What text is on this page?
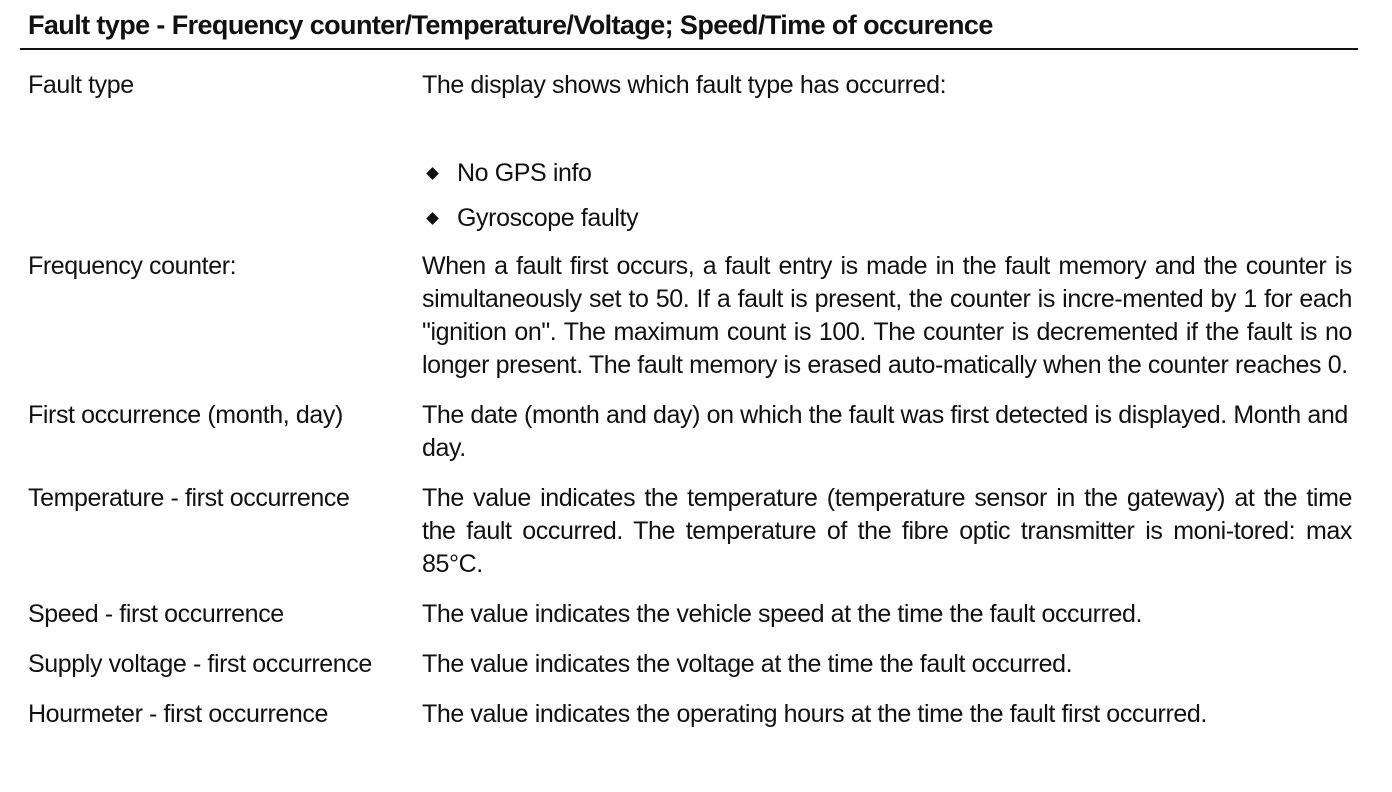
Fault type - Frequency counter/Temperature/Voltage; Speed/Time of occurence
Fault type	The display shows which fault type has occurred:

No GPS info
Gyroscope faulty
Frequency counter:	When a fault first occurs, a fault entry is made in the fault memory and the counter is simultaneously set to 50. If a fault is present, the counter is incre-mented by 1 for each "ignition on". The maximum count is 100. The counter is decremented if the fault is no longer present. The fault memory is erased auto-matically when the counter reaches 0.

First occurrence (month, day)	The date (month and day) on which the fault was first detected is displayed. Month and day.

Temperature - first occurrence	The value indicates the temperature (temperature sensor in the gateway) at the time the fault occurred. The temperature of the fibre optic transmitter is moni-tored: max 85°C.

Speed - first occurrence	The value indicates the vehicle speed at the time the fault occurred.

Supply voltage - first occurrence	The value indicates the voltage at the time the fault occurred.

Hourmeter - first occurrence	The value indicates the operating hours at the time the fault first occurred.
